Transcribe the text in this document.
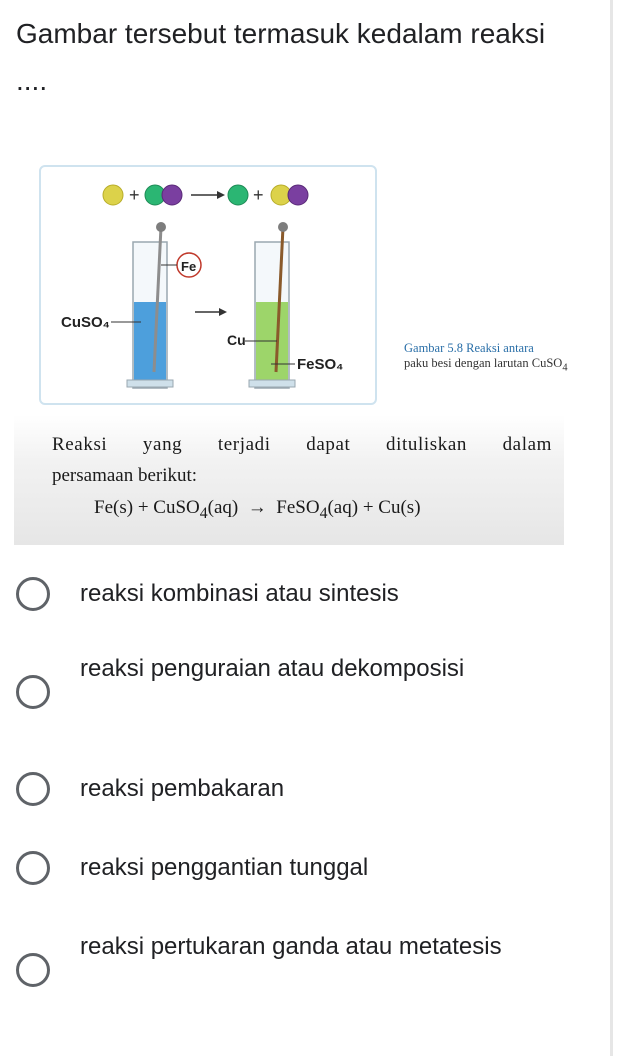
Gambar tersebut termasuk kedalam reaksi ....

+	+
Fe
CuSO₄
Cu
FeSO₄
Gambar 5.8 Reaksi antara
paku besi dengan larutan CuSO$_4$
Reaksi yang terjadi dapat dituliskan dalam
persamaan berikut:
Fe(s) + CuSO$_4$(aq) → FeSO$_4$(aq) + Cu(s)
reaksi kombinasi atau sintesis
reaksi penguraian atau dekomposisi
reaksi pembakaran
reaksi penggantian tunggal
reaksi pertukaran ganda atau metatesis
